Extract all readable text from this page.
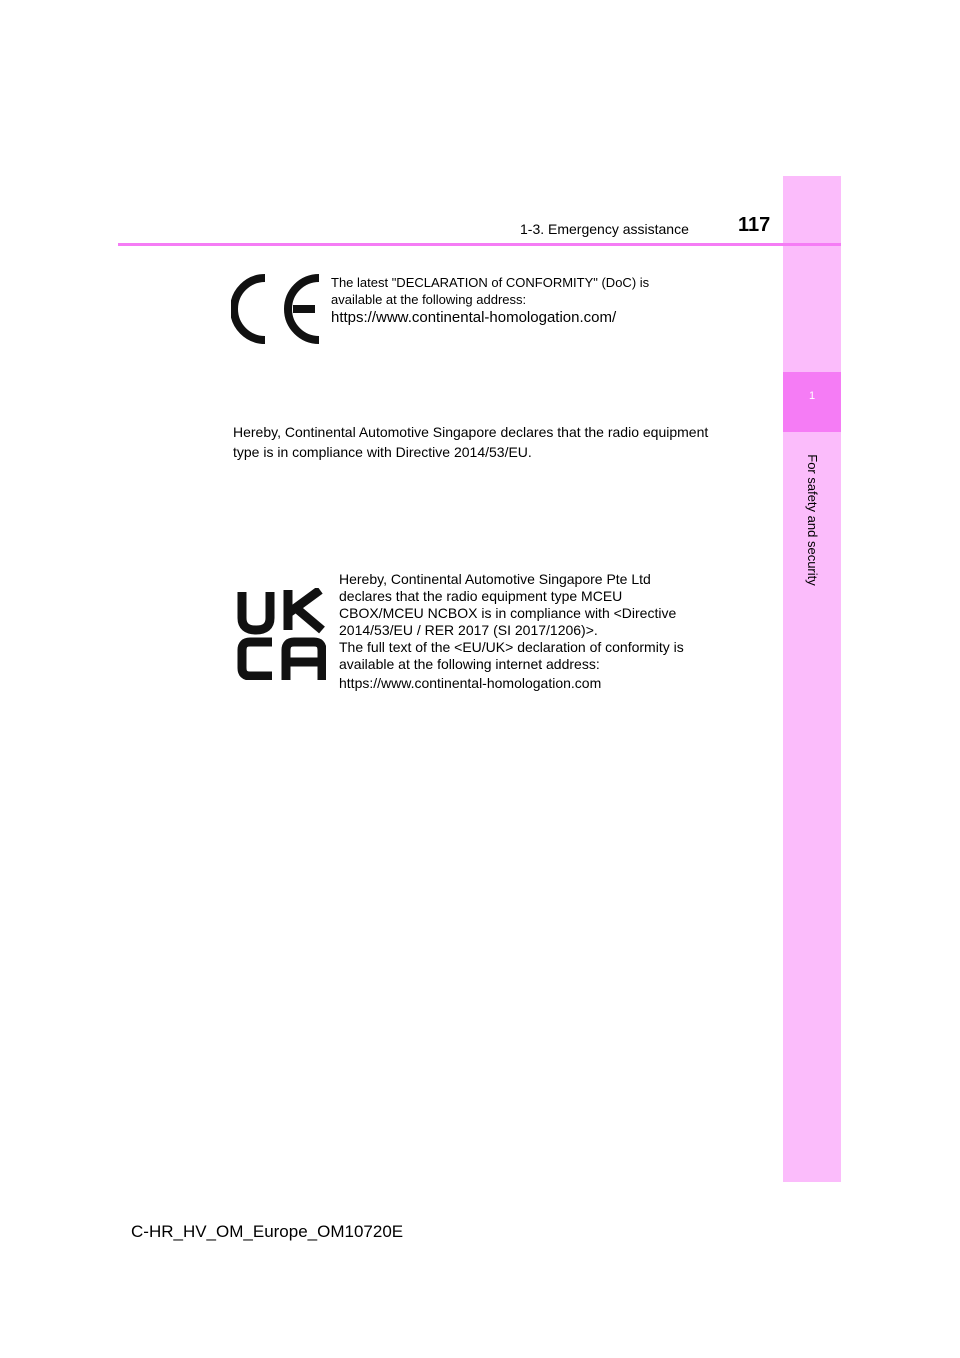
1
For safety and security
1-3. Emergency assistance 117
The latest "DECLARATION of CONFORMITY" (DoC) is
available at the following address:
https://www.continental-homologation.com/
Hereby, Continental Automotive Singapore declares that the radio equipment type is in compliance with Directive 2014/53/EU.
Hereby, Continental Automotive Singapore Pte Ltd
declares that the radio equipment type MCEU
CBOX/MCEU NCBOX is in compliance with <Directive
2014/53/EU / RER 2017 (SI 2017/1206)>.
The full text of the <EU/UK> declaration of conformity is
available at the following internet address:
https://www.continental-homologation.com
C-HR_HV_OM_Europe_OM10720E
